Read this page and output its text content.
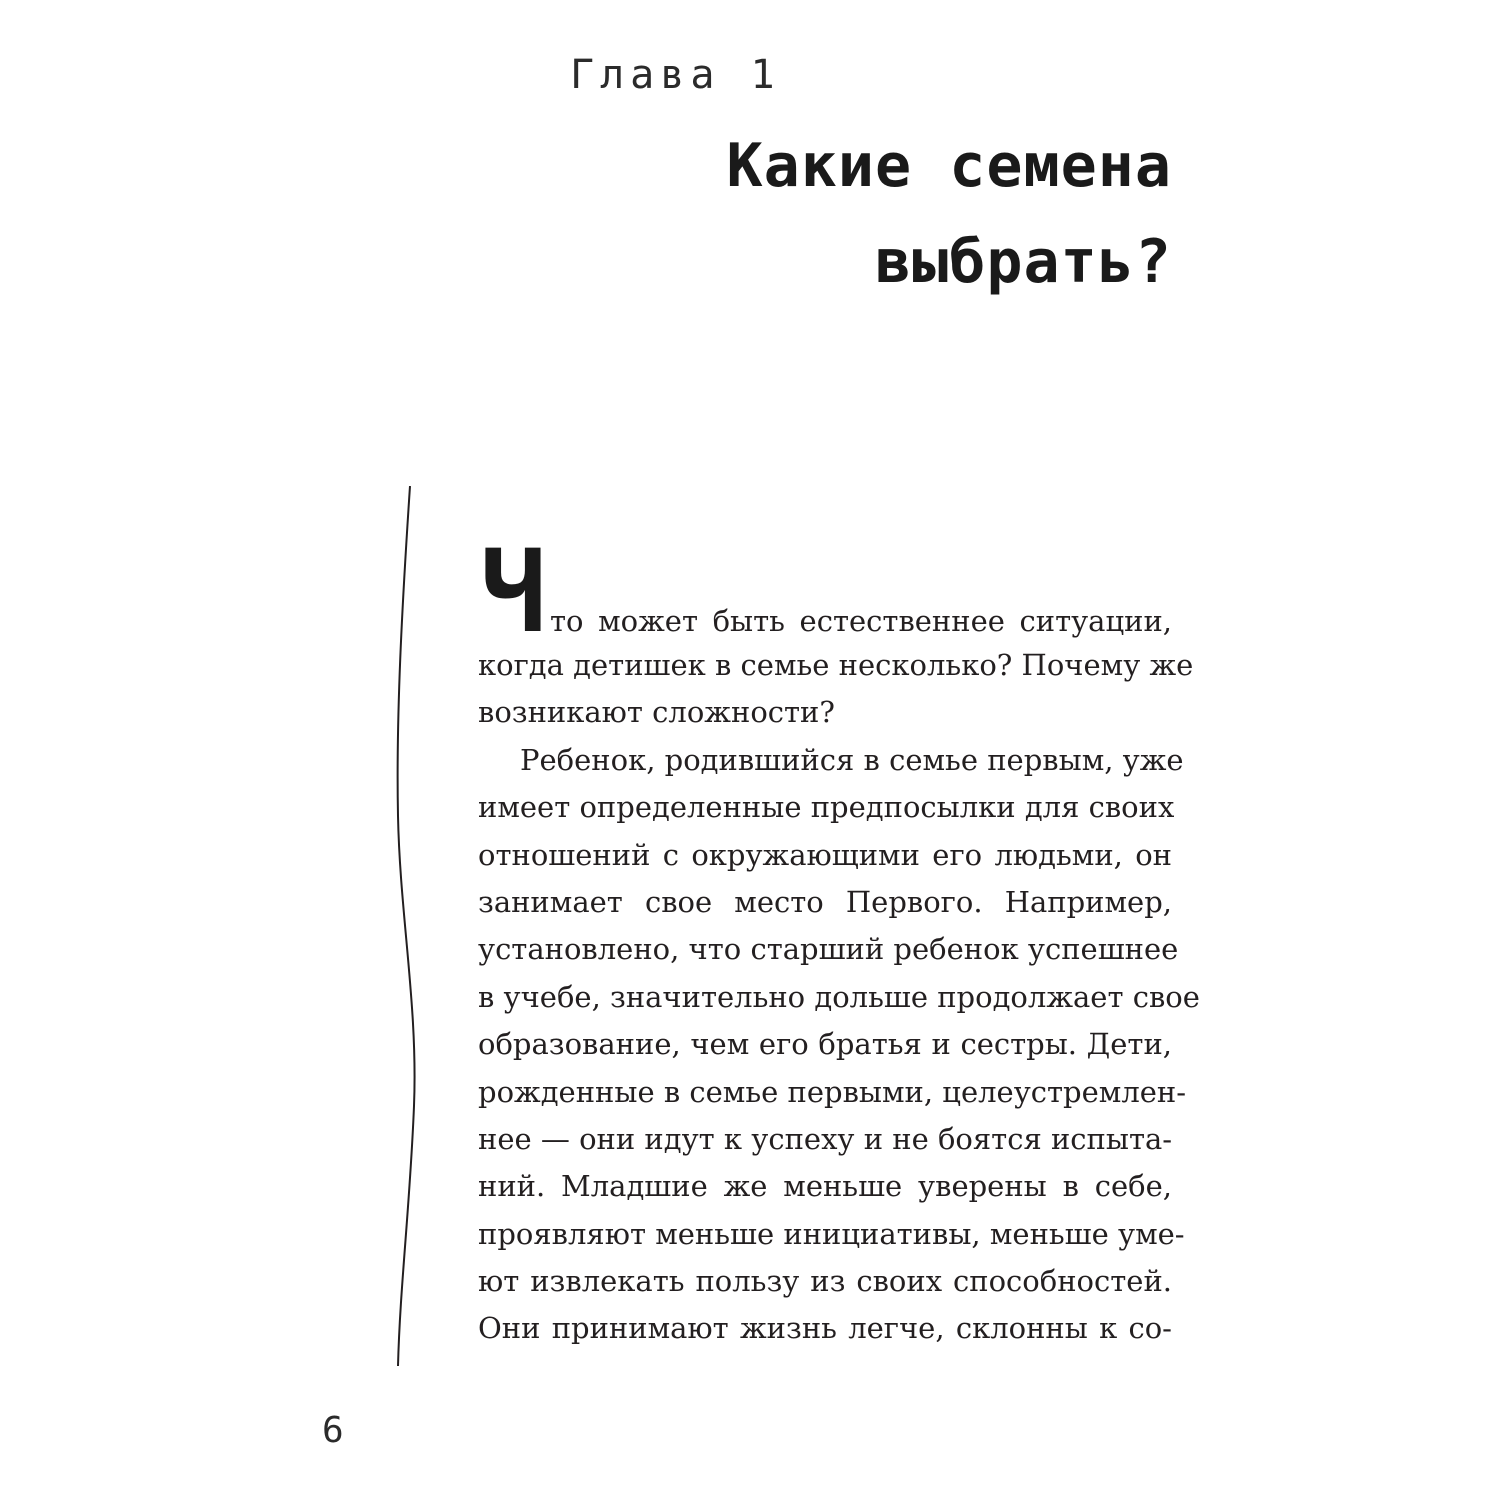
Глава 1
Какие семена
выбрать?
Ч то может быть естественнее ситуации,
когда детишек в семье несколько? Почему же
возникают сложности?
Ребенок, родившийся в семье первым, уже
имеет определенные предпосылки для своих
отношений с окружающими его людьми, он
занимает свое место Первого. Например,
установлено, что старший ребенок успешнее
в учебе, значительно дольше продолжает свое
образование, чем его братья и сестры. Дети,
рожденные в семье первыми, целеустремлен-
нее — они идут к успеху и не боятся испыта-
ний. Младшие же меньше уверены в себе,
проявляют меньше инициативы, меньше уме-
ют извлекать пользу из своих способностей.
Они принимают жизнь легче, склонны к со-
6
